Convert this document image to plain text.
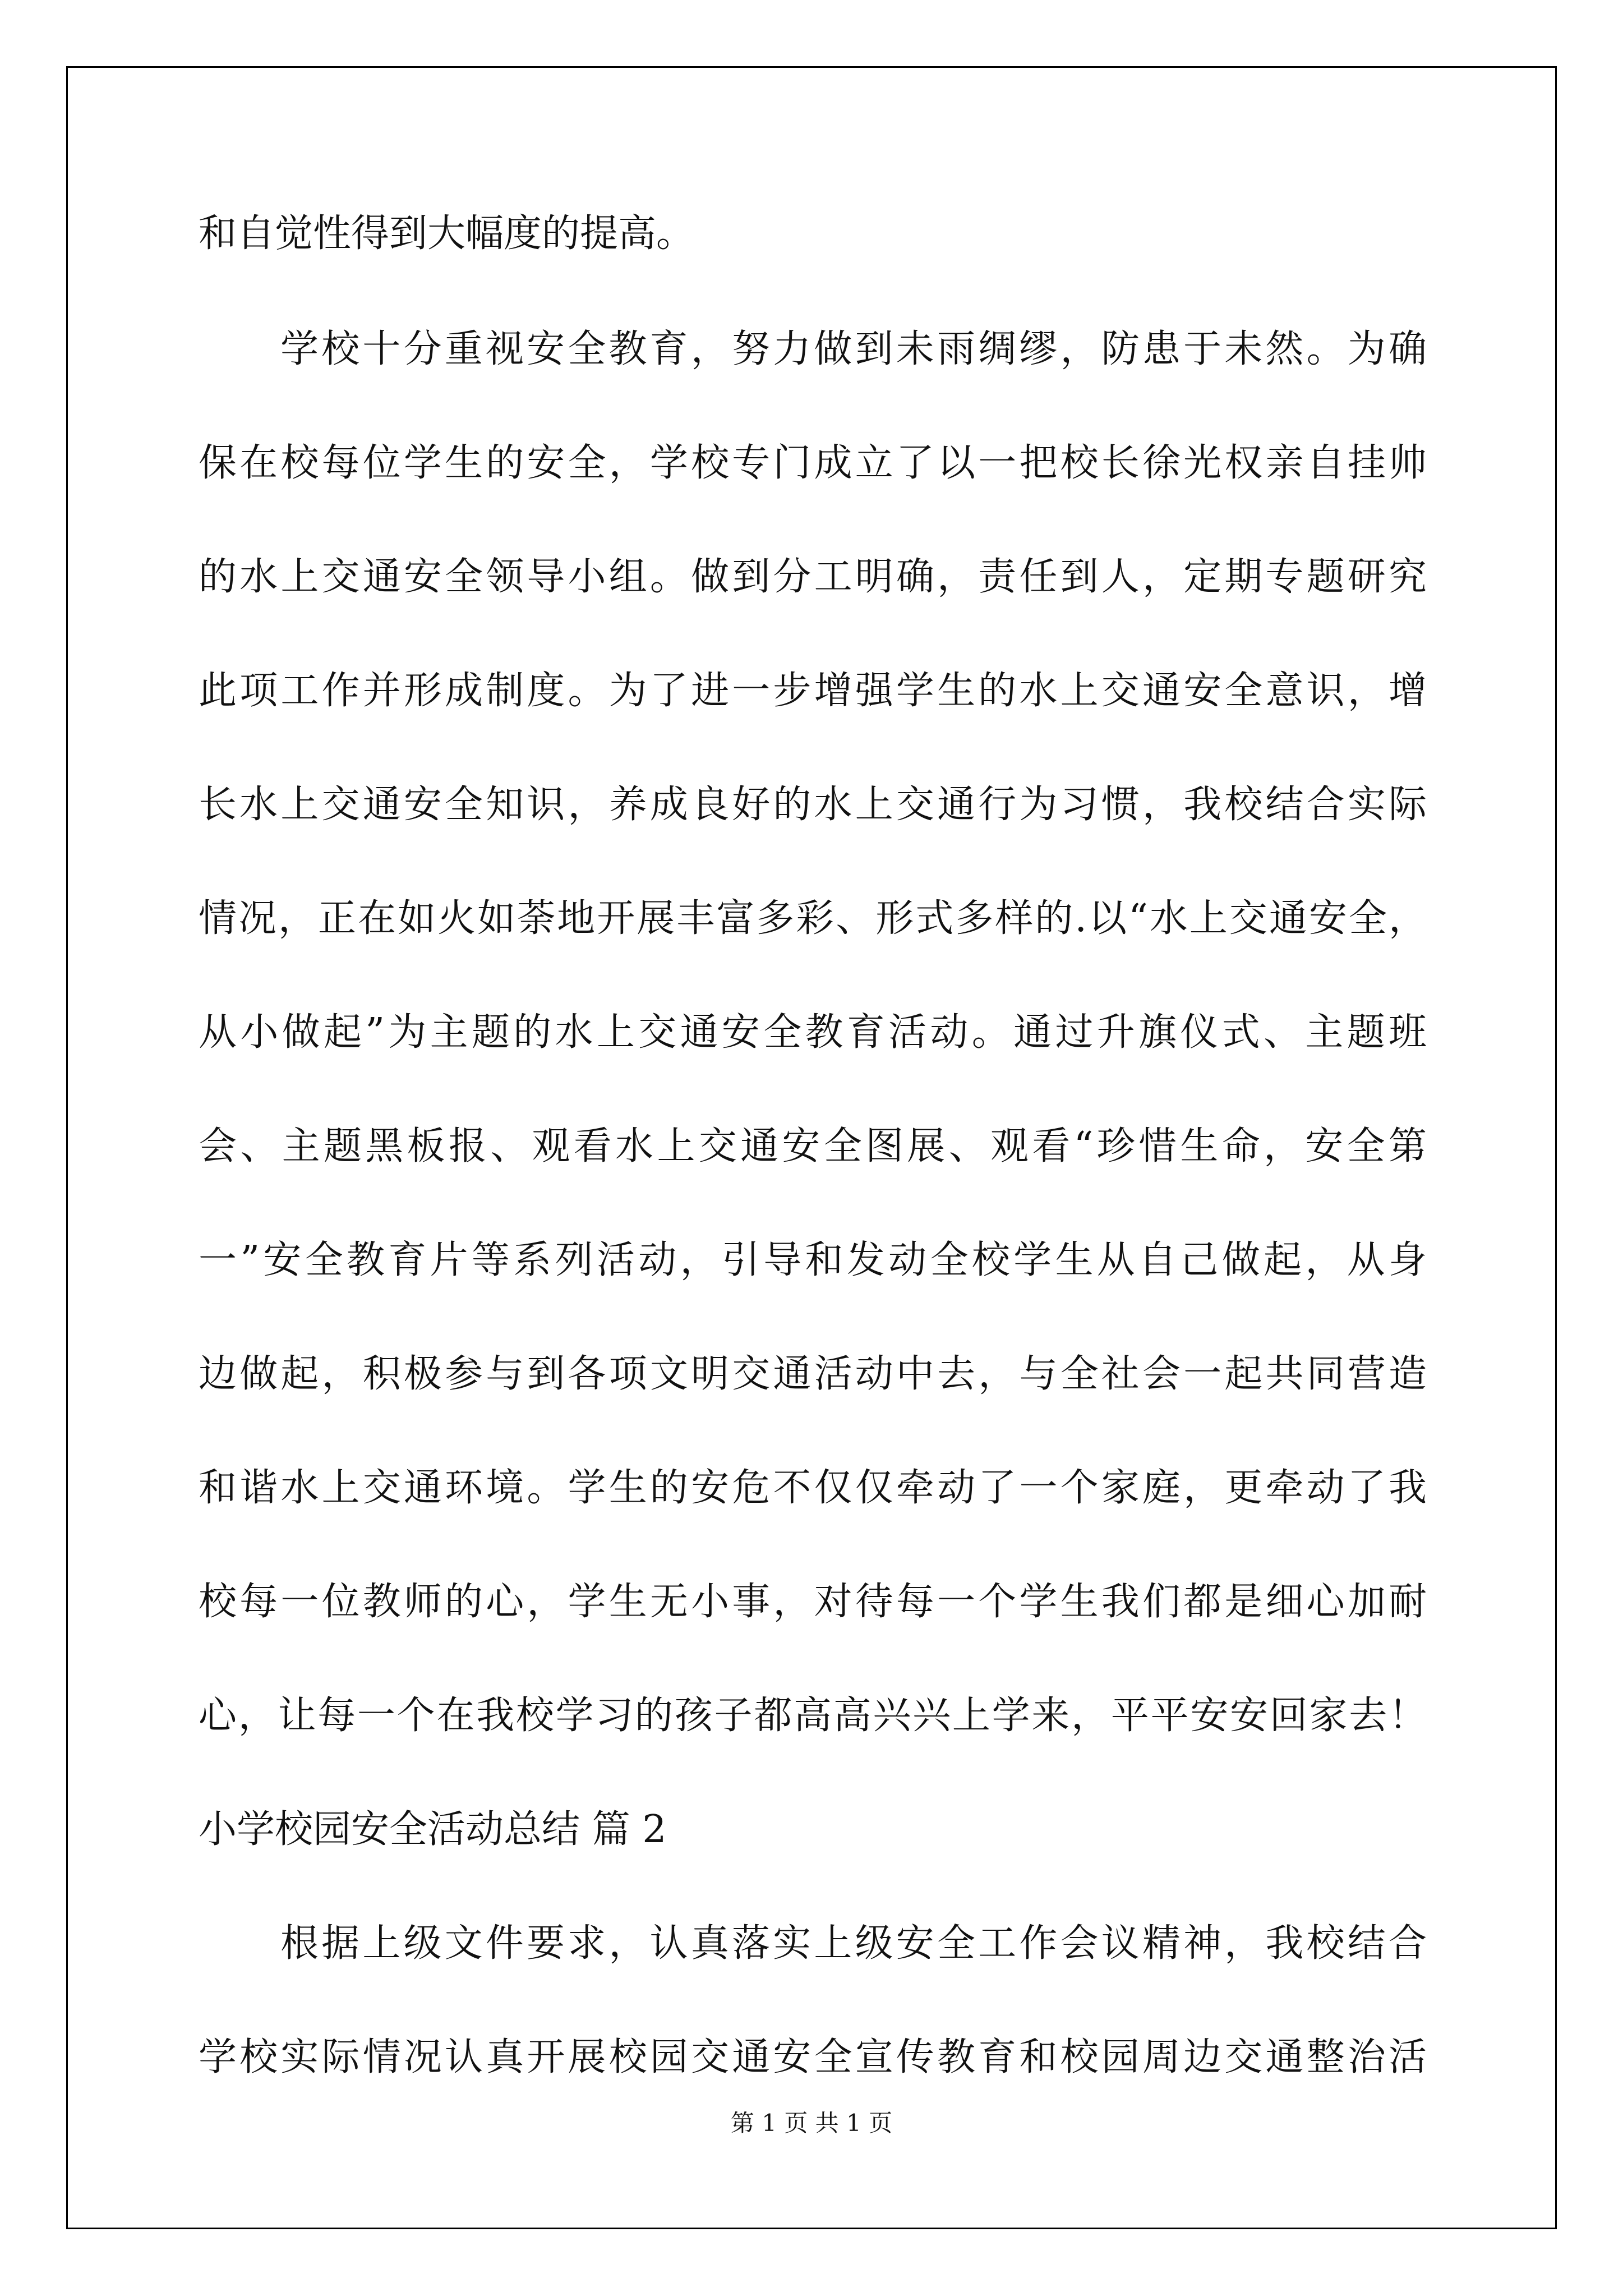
和自觉性得到大幅度的提高。
学校十分重视安全教育，努力做到未雨绸缪，防患于未然。为确
保在校每位学生的安全，学校专门成立了以一把校长徐光权亲自挂帅
的水上交通安全领导小组。做到分工明确，责任到人，定期专题研究
此项工作并形成制度。为了进一步增强学生的水上交通安全意识，增
长水上交通安全知识，养成良好的水上交通行为习惯，我校结合实际
情况，正在如火如荼地开展丰富多彩、形式多样的.以“水上交通安全，
从小做起”为主题的水上交通安全教育活动。通过升旗仪式、主题班
会、主题黑板报、观看水上交通安全图展、观看“珍惜生命，安全第
一”安全教育片等系列活动，引导和发动全校学生从自己做起，从身
边做起，积极参与到各项文明交通活动中去，与全社会一起共同营造
和谐水上交通环境。学生的安危不仅仅牵动了一个家庭，更牵动了我
校每一位教师的心，学生无小事，对待每一个学生我们都是细心加耐
心，让每一个在我校学习的孩子都高高兴兴上学来，平平安安回家去！
小学校园安全活动总结 篇 2
根据上级文件要求，认真落实上级安全工作会议精神，我校结合
学校实际情况认真开展校园交通安全宣传教育和校园周边交通整治活
第 1 页 共 1 页
